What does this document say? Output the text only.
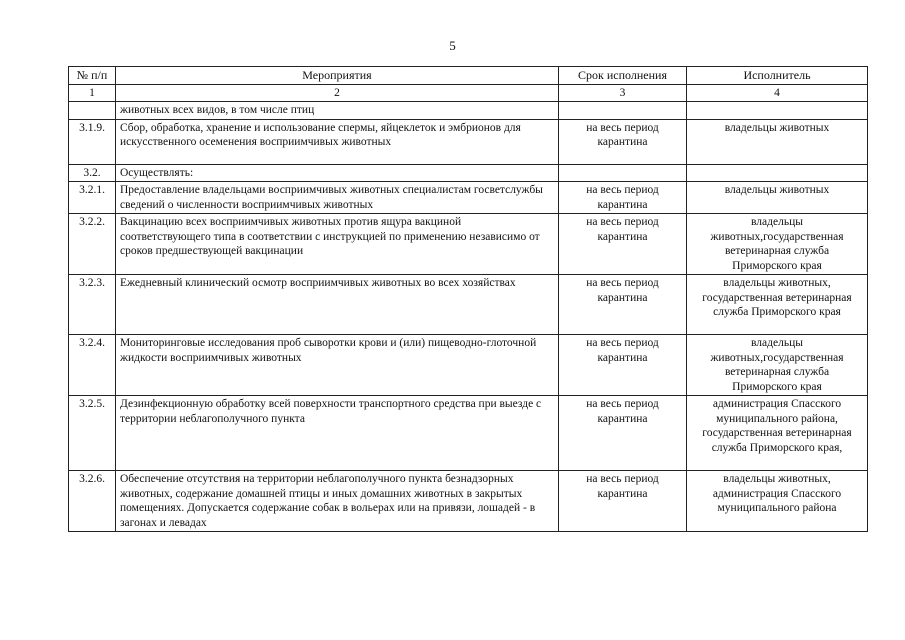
5
№ п/п	Мероприятия	Срок исполнения	Исполнитель
1	2	3	4
	животных всех видов, в том числе птиц		
3.1.9.	Сбор, обработка, хранение и использование спермы, яйцеклеток и эмбрионов для искусственного осеменения восприимчивых животных	на весь период карантина	владельцы животных
3.2.	Осуществлять:		
3.2.1.	Предоставление владельцами восприимчивых животных специалистам госветслужбы сведений о численности восприимчивых животных	на весь период карантина	владельцы животных
3.2.2.	Вакцинацию всех восприимчивых животных против ящура вакциной соответствующего типа в соответствии с инструкцией по применению независимо от сроков предшествующей вакцинации	на весь период карантина	владельцы животных,государственная ветеринарная служба Приморского края
3.2.3.	Ежедневный клинический осмотр восприимчивых животных во всех хозяйствах	на весь период карантина	владельцы животных, государственная ветеринарная служба Приморского края
3.2.4.	Мониторинговые исследования проб сыворотки крови и (или) пищеводно-глоточной жидкости восприимчивых животных	на весь период карантина	владельцы животных,государственная ветеринарная служба Приморского края
3.2.5.	Дезинфекционную обработку всей поверхности транспортного средства при выезде с территории неблагополучного пункта	на весь период карантина	администрация Спасского муниципального района, государственная ветеринарная служба Приморского края,
3.2.6.	Обеспечение отсутствия на территории неблагополучного пункта безнадзорных животных, содержание домашней птицы и иных домашних животных в закрытых помещениях. Допускается содержание собак в вольерах или на привязи, лошадей - в загонах и левадах	на весь период карантина	владельцы животных, администрация Спасского муниципального района
